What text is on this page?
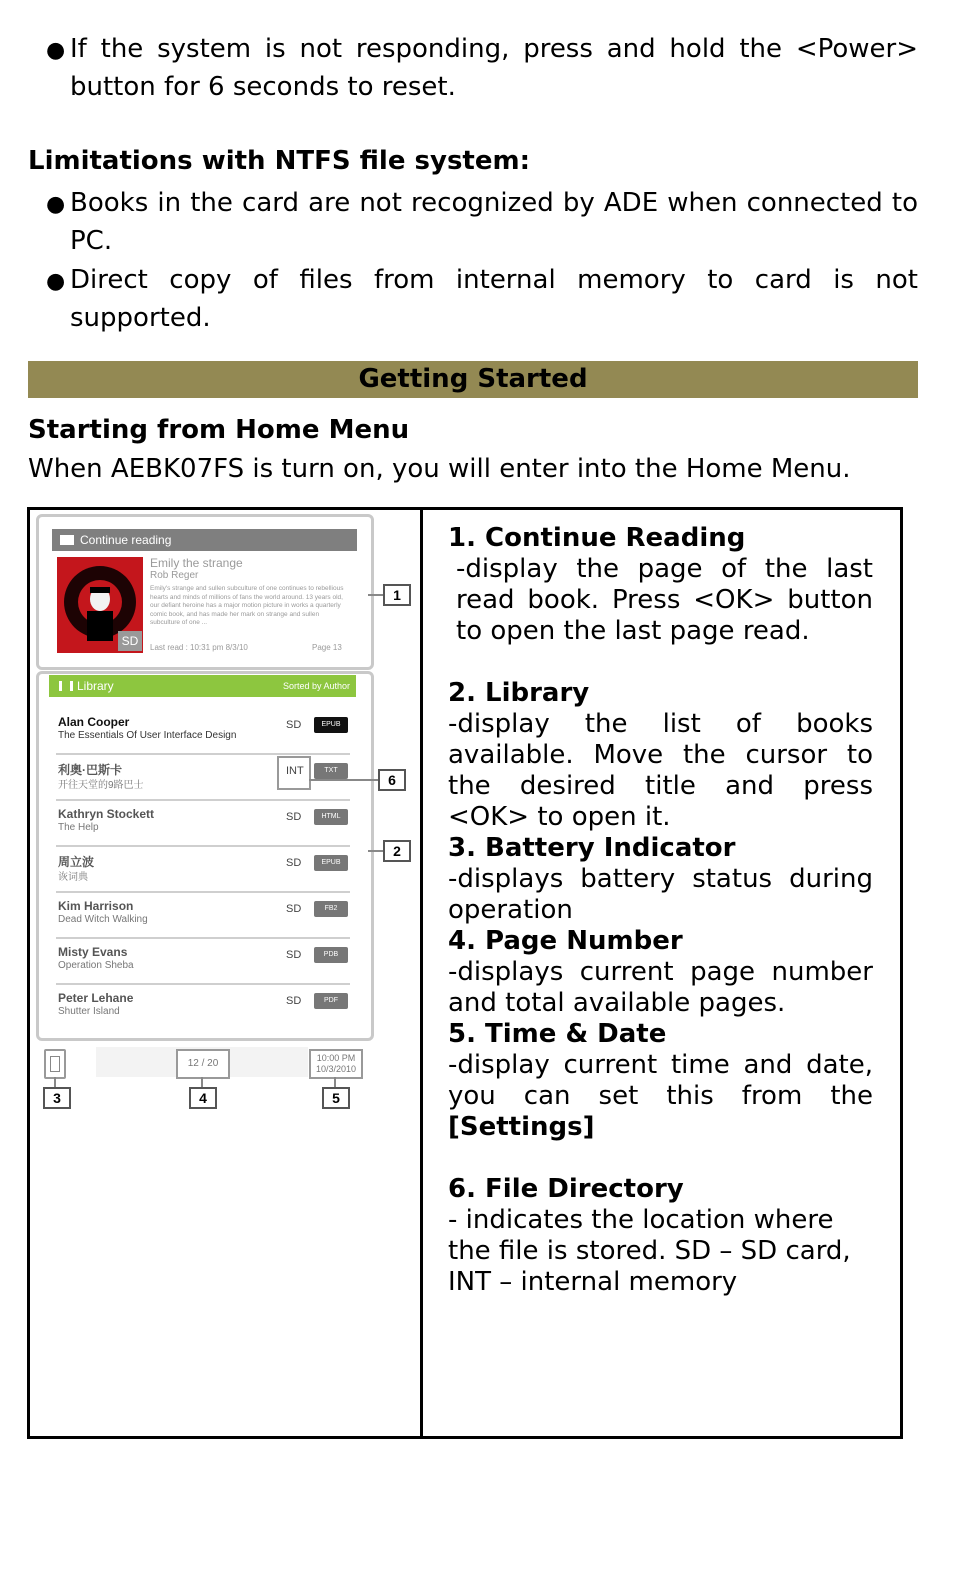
● If the system is not responding, press and hold the <Power> button for 6 seconds to reset.
Limitations with NTFS file system:
● Books in the card are not recognized by ADE when connected to PC.
● Direct copy of files from internal memory to card is not supported.
Getting Started
Starting from Home Menu
When AEBK07FS is turn on, you will enter into the Home Menu.
Continue reading
SD
Emily the strange
Rob Reger
Emily's strange and sullen subculture of one continues to rebellious hearts and minds of millions of fans the world around. 13 years old, our defiant heroine has a major motion picture in works a quarterly comic book, and has made her mark on strange and sullen subculture of one ...
Last read : 10:31 pm 8/3/10	Page 13
Library	Sorted by Author
Alan Cooper
The Essentials Of User Interface Design
SD	EPUB
利奥·巴斯卡
开往天堂的9路巴士
INT	TXT
Kathryn Stockett
The Help
SD	HTML
周立波
诙词典
SD	EPUB
Kim Harrison
Dead Witch Walking
SD	FB2
Misty Evans
Operation Sheba
SD	PDB
Peter Lehane
Shutter Island
SD	PDF
12 / 20	10:00 PM
10/3/2010
1
2
3	4	5
6
1. Continue Reading
-display the page of the last read book. Press <OK> button to open the last page read.
2. Library
-display the list of books available. Move the cursor to the desired title and press <OK> to open it.
3. Battery Indicator
-displays battery status during operation
4. Page Number
-displays current page number and total available pages.
5. Time & Date
-display current time and date, you can set this from the [Settings]
6. File Directory
- indicates the location where the file is stored. SD – SD card, INT – internal memory
